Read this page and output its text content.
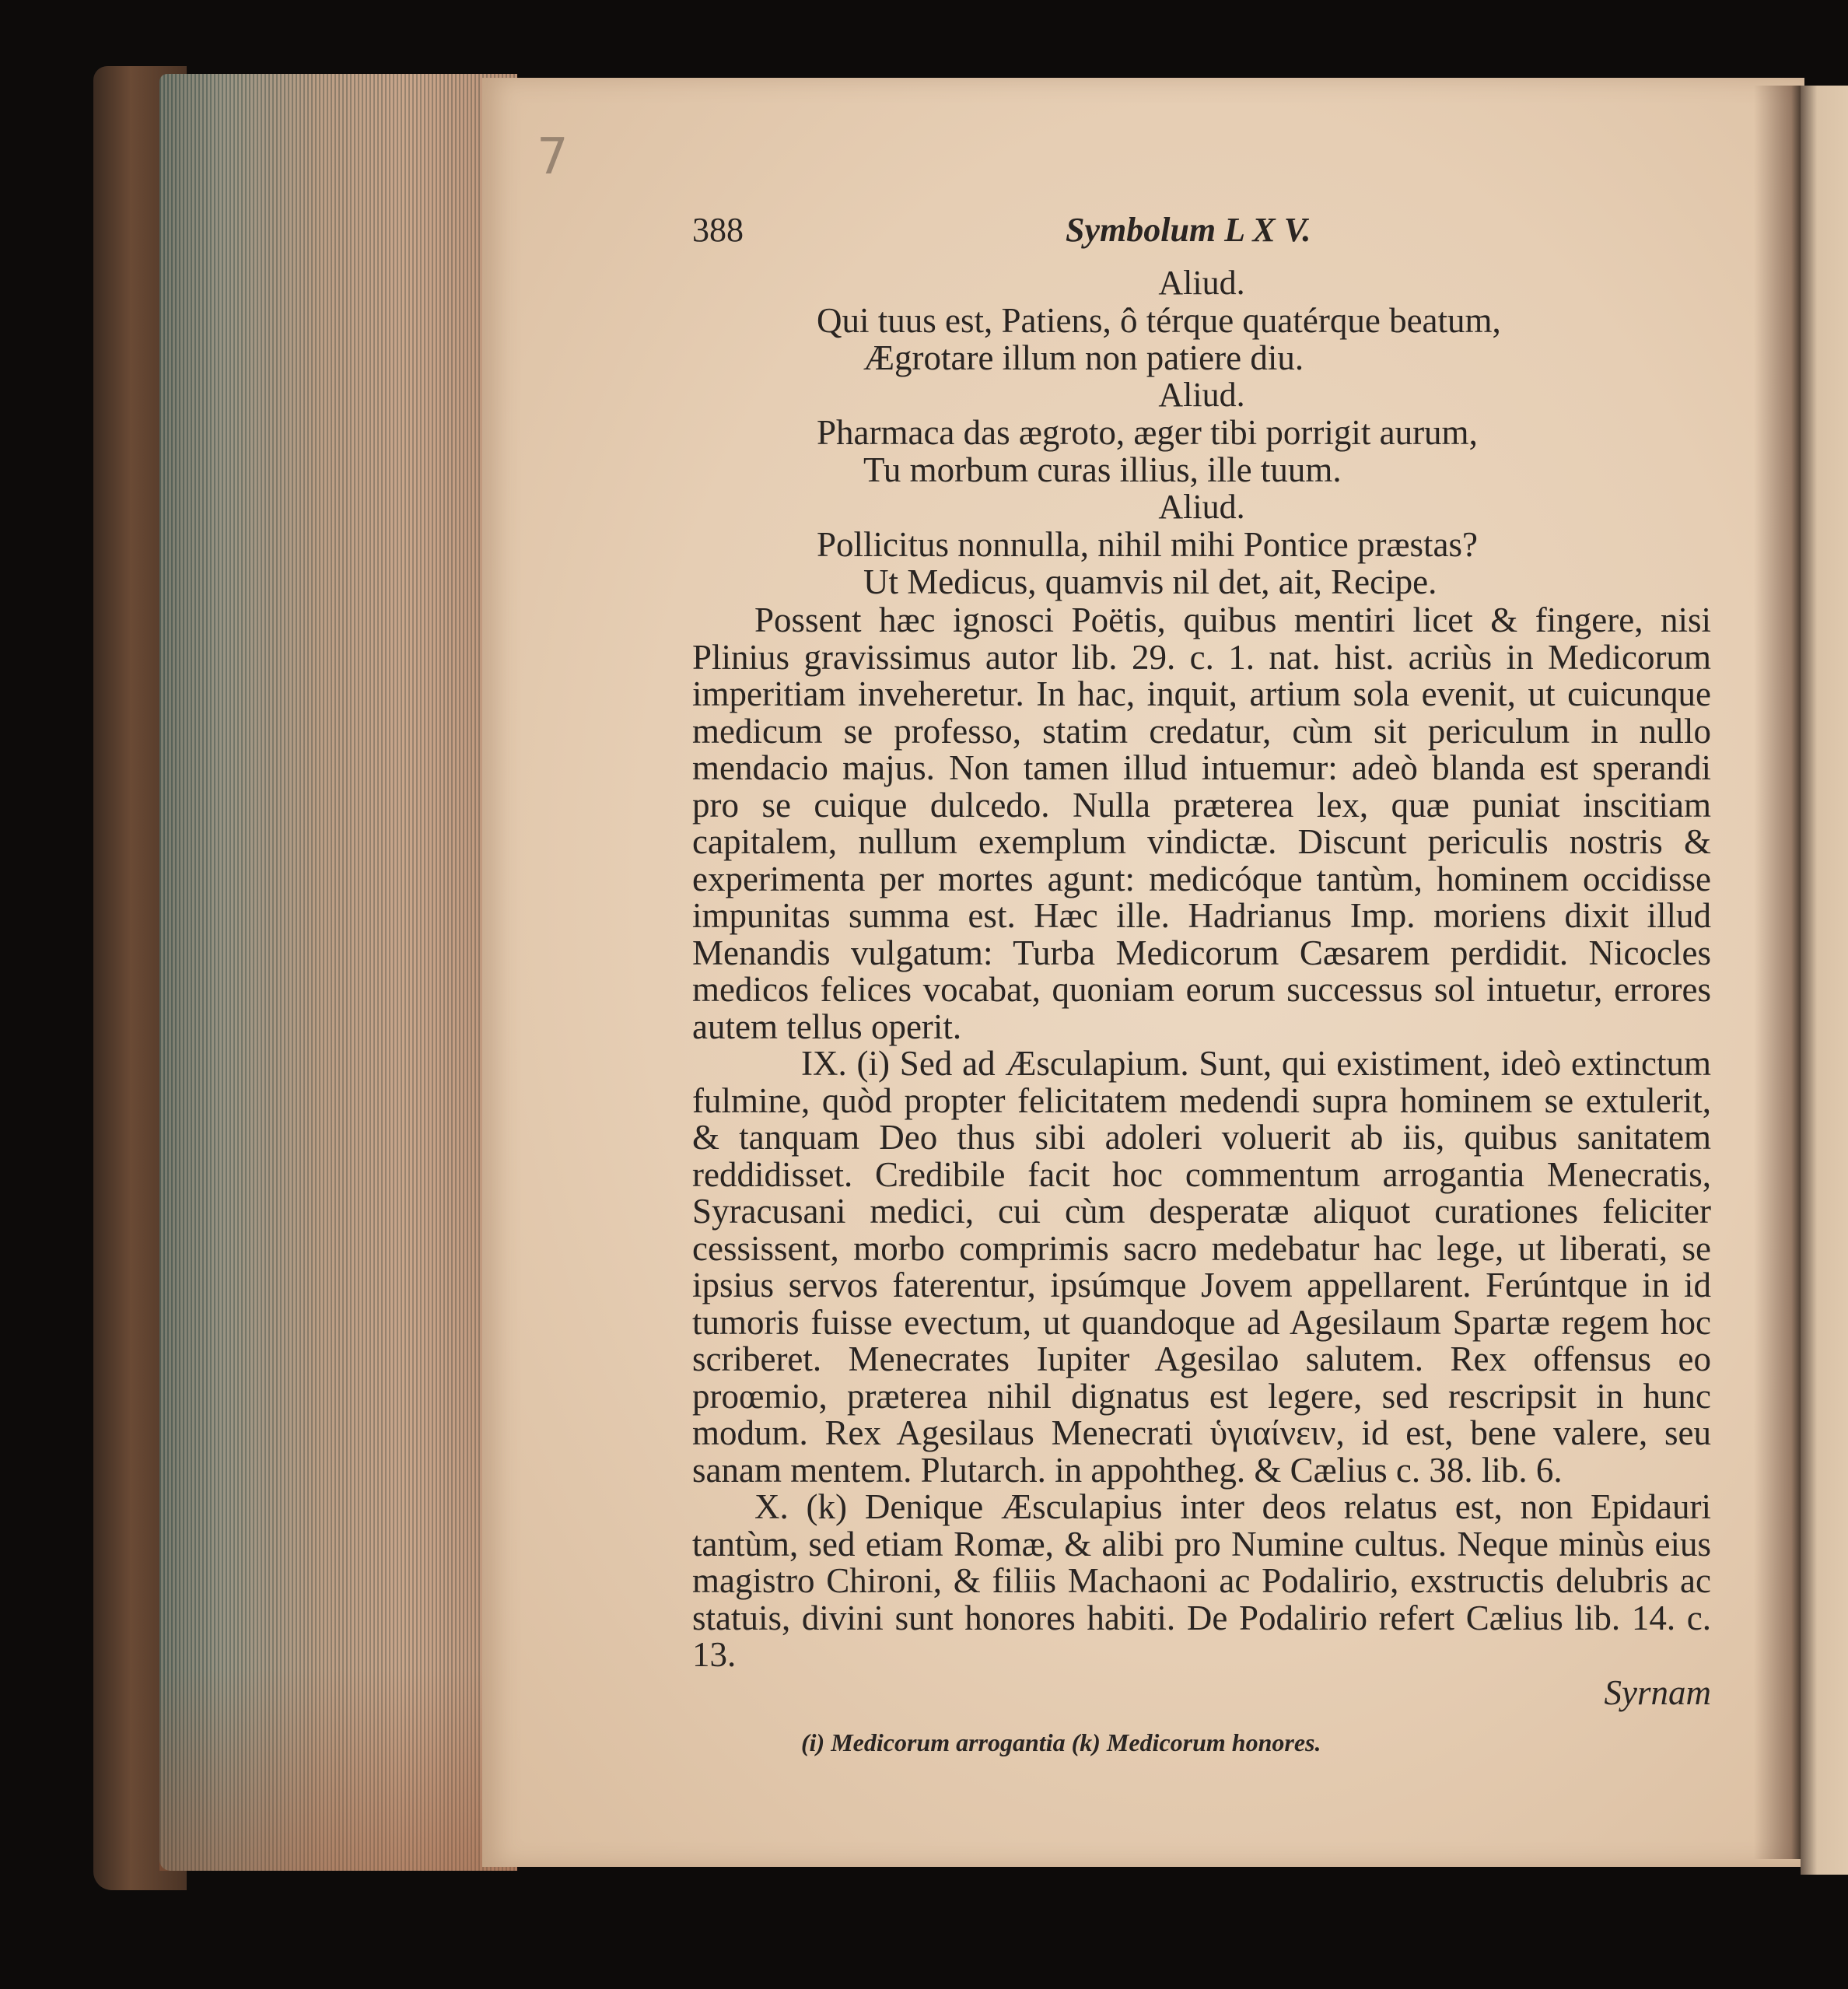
7
388	Symbolum L X V.
Aliud.
Qui tuus est, Patiens, ô térque quatérque beatum,
Ægrotare illum non patiere diu.
Aliud.
Pharmaca das ægroto, æger tibi porrigit aurum,
Tu morbum curas illius, ille tuum.
Aliud.
Pollicitus nonnulla, nihil mihi Pontice præstas?
Ut Medicus, quamvis nil det, ait, Recipe.

Possent hæc ignosci Poëtis, quibus mentiri licet & fingere, nisi Plinius gravissimus autor lib. 29. c. 1. nat. hist. acriùs in Medicorum imperitiam inveheretur. In hac, inquit, artium sola evenit, ut cuicunque medicum se professo, statim credatur, cùm sit periculum in nullo mendacio majus. Non tamen illud intuemur: adeò blanda est sperandi pro se cuique dulcedo. Nulla præterea lex, quæ puniat inscitiam capitalem, nullum exemplum vindictæ. Discunt periculis nostris & experimenta per mortes agunt: medicóque tantùm, hominem occidisse impunitas summa est. Hæc ille. Hadrianus Imp. moriens dixit illud Menandis vulgatum: Turba Medicorum Cæsarem perdidit. Nicocles medicos felices vocabat, quoniam eorum successus sol intuetur, errores autem tellus operit.

IX. (i) Sed ad Æsculapium. Sunt, qui existiment, ideò extinctum fulmine, quòd propter felicitatem medendi supra hominem se extulerit, & tanquam Deo thus sibi adoleri voluerit ab iis, quibus sanitatem reddidisset. Credibile facit hoc commentum arrogantia Menecratis, Syracusani medici, cui cùm desperatæ aliquot curationes feliciter cessissent, morbo comprimis sacro medebatur hac lege, ut liberati, se ipsius servos faterentur, ipsúmque Jovem appellarent. Ferúntque in id tumoris fuisse evectum, ut quandoque ad Agesilaum Spartæ regem hoc scriberet. Menecrates Iupiter Agesilao salutem. Rex offensus eo proœmio, præterea nihil dignatus est legere, sed rescripsit in hunc modum. Rex Agesilaus Menecrati ὑγιαίνειν, id est, bene valere, seu sanam mentem. Plutarch. in appohtheg. & Cælius c. 38. lib. 6.

X. (k) Denique Æsculapius inter deos relatus est, non Epidauri tantùm, sed etiam Romæ, & alibi pro Numine cultus. Neque minùs eius magistro Chironi, & filiis Machaoni ac Podalirio, exstructis delubris ac statuis, divini sunt honores habiti. De Podalirio refert Cælius lib. 14. c. 13.

Syrnam
(i) Medicorum arrogantia (k) Medicorum honores.
